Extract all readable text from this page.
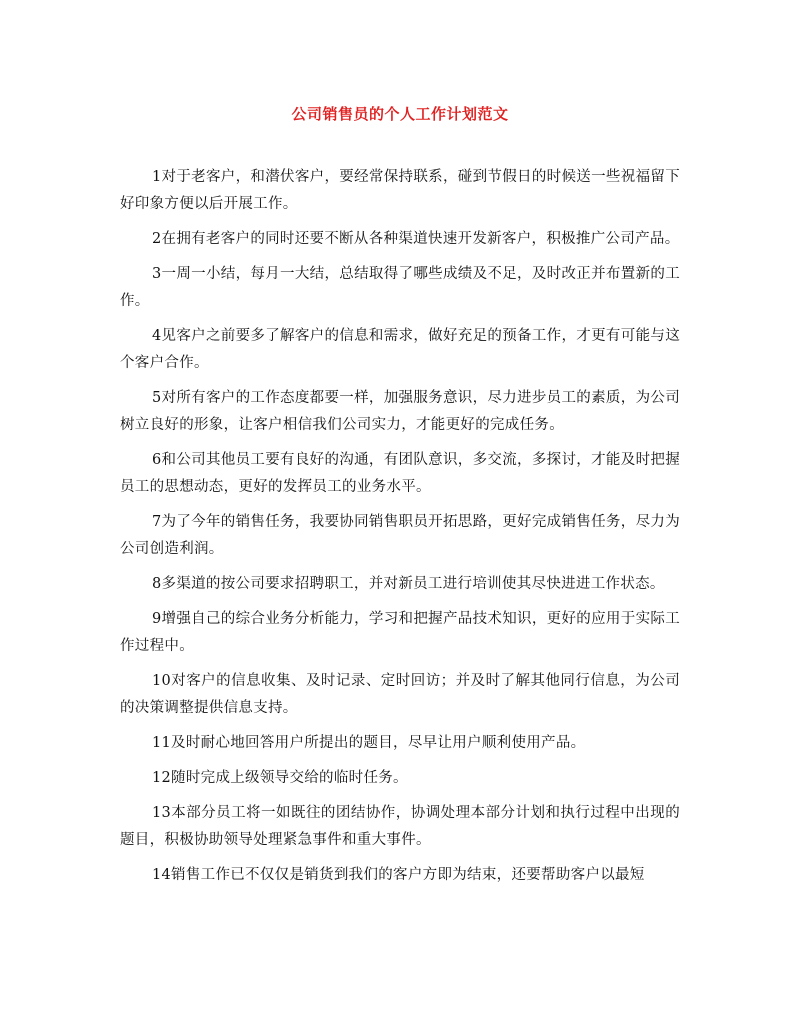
公司销售员的个人工作计划范文

1对于老客户，和潜伏客户，要经常保持联系，碰到节假日的时候送一些祝福留下好印象方便以后开展工作。

2在拥有老客户的同时还要不断从各种渠道快速开发新客户，积极推广公司产品。

3一周一小结，每月一大结，总结取得了哪些成绩及不足，及时改正并布置新的工作。

4见客户之前要多了解客户的信息和需求，做好充足的预备工作，才更有可能与这个客户合作。

5对所有客户的工作态度都要一样，加强服务意识，尽力进步员工的素质，为公司树立良好的形象，让客户相信我们公司实力，才能更好的完成任务。

6和公司其他员工要有良好的沟通，有团队意识，多交流，多探讨，才能及时把握员工的思想动态，更好的发挥员工的业务水平。

7为了今年的销售任务，我要协同销售职员开拓思路，更好完成销售任务，尽力为公司创造利润。

8多渠道的按公司要求招聘职工，并对新员工进行培训使其尽快进进工作状态。

9增强自己的综合业务分析能力，学习和把握产品技术知识，更好的应用于实际工作过程中。

10对客户的信息收集、及时记录、定时回访；并及时了解其他同行信息，为公司的决策调整提供信息支持。

11及时耐心地回答用户所提出的题目，尽早让用户顺利使用产品。

12随时完成上级领导交给的临时任务。

13本部分员工将一如既往的团结协作，协调处理本部分计划和执行过程中出现的题目，积极协助领导处理紧急事件和重大事件。

14销售工作已不仅仅是销货到我们的客户方即为结束，还要帮助客户以最短
